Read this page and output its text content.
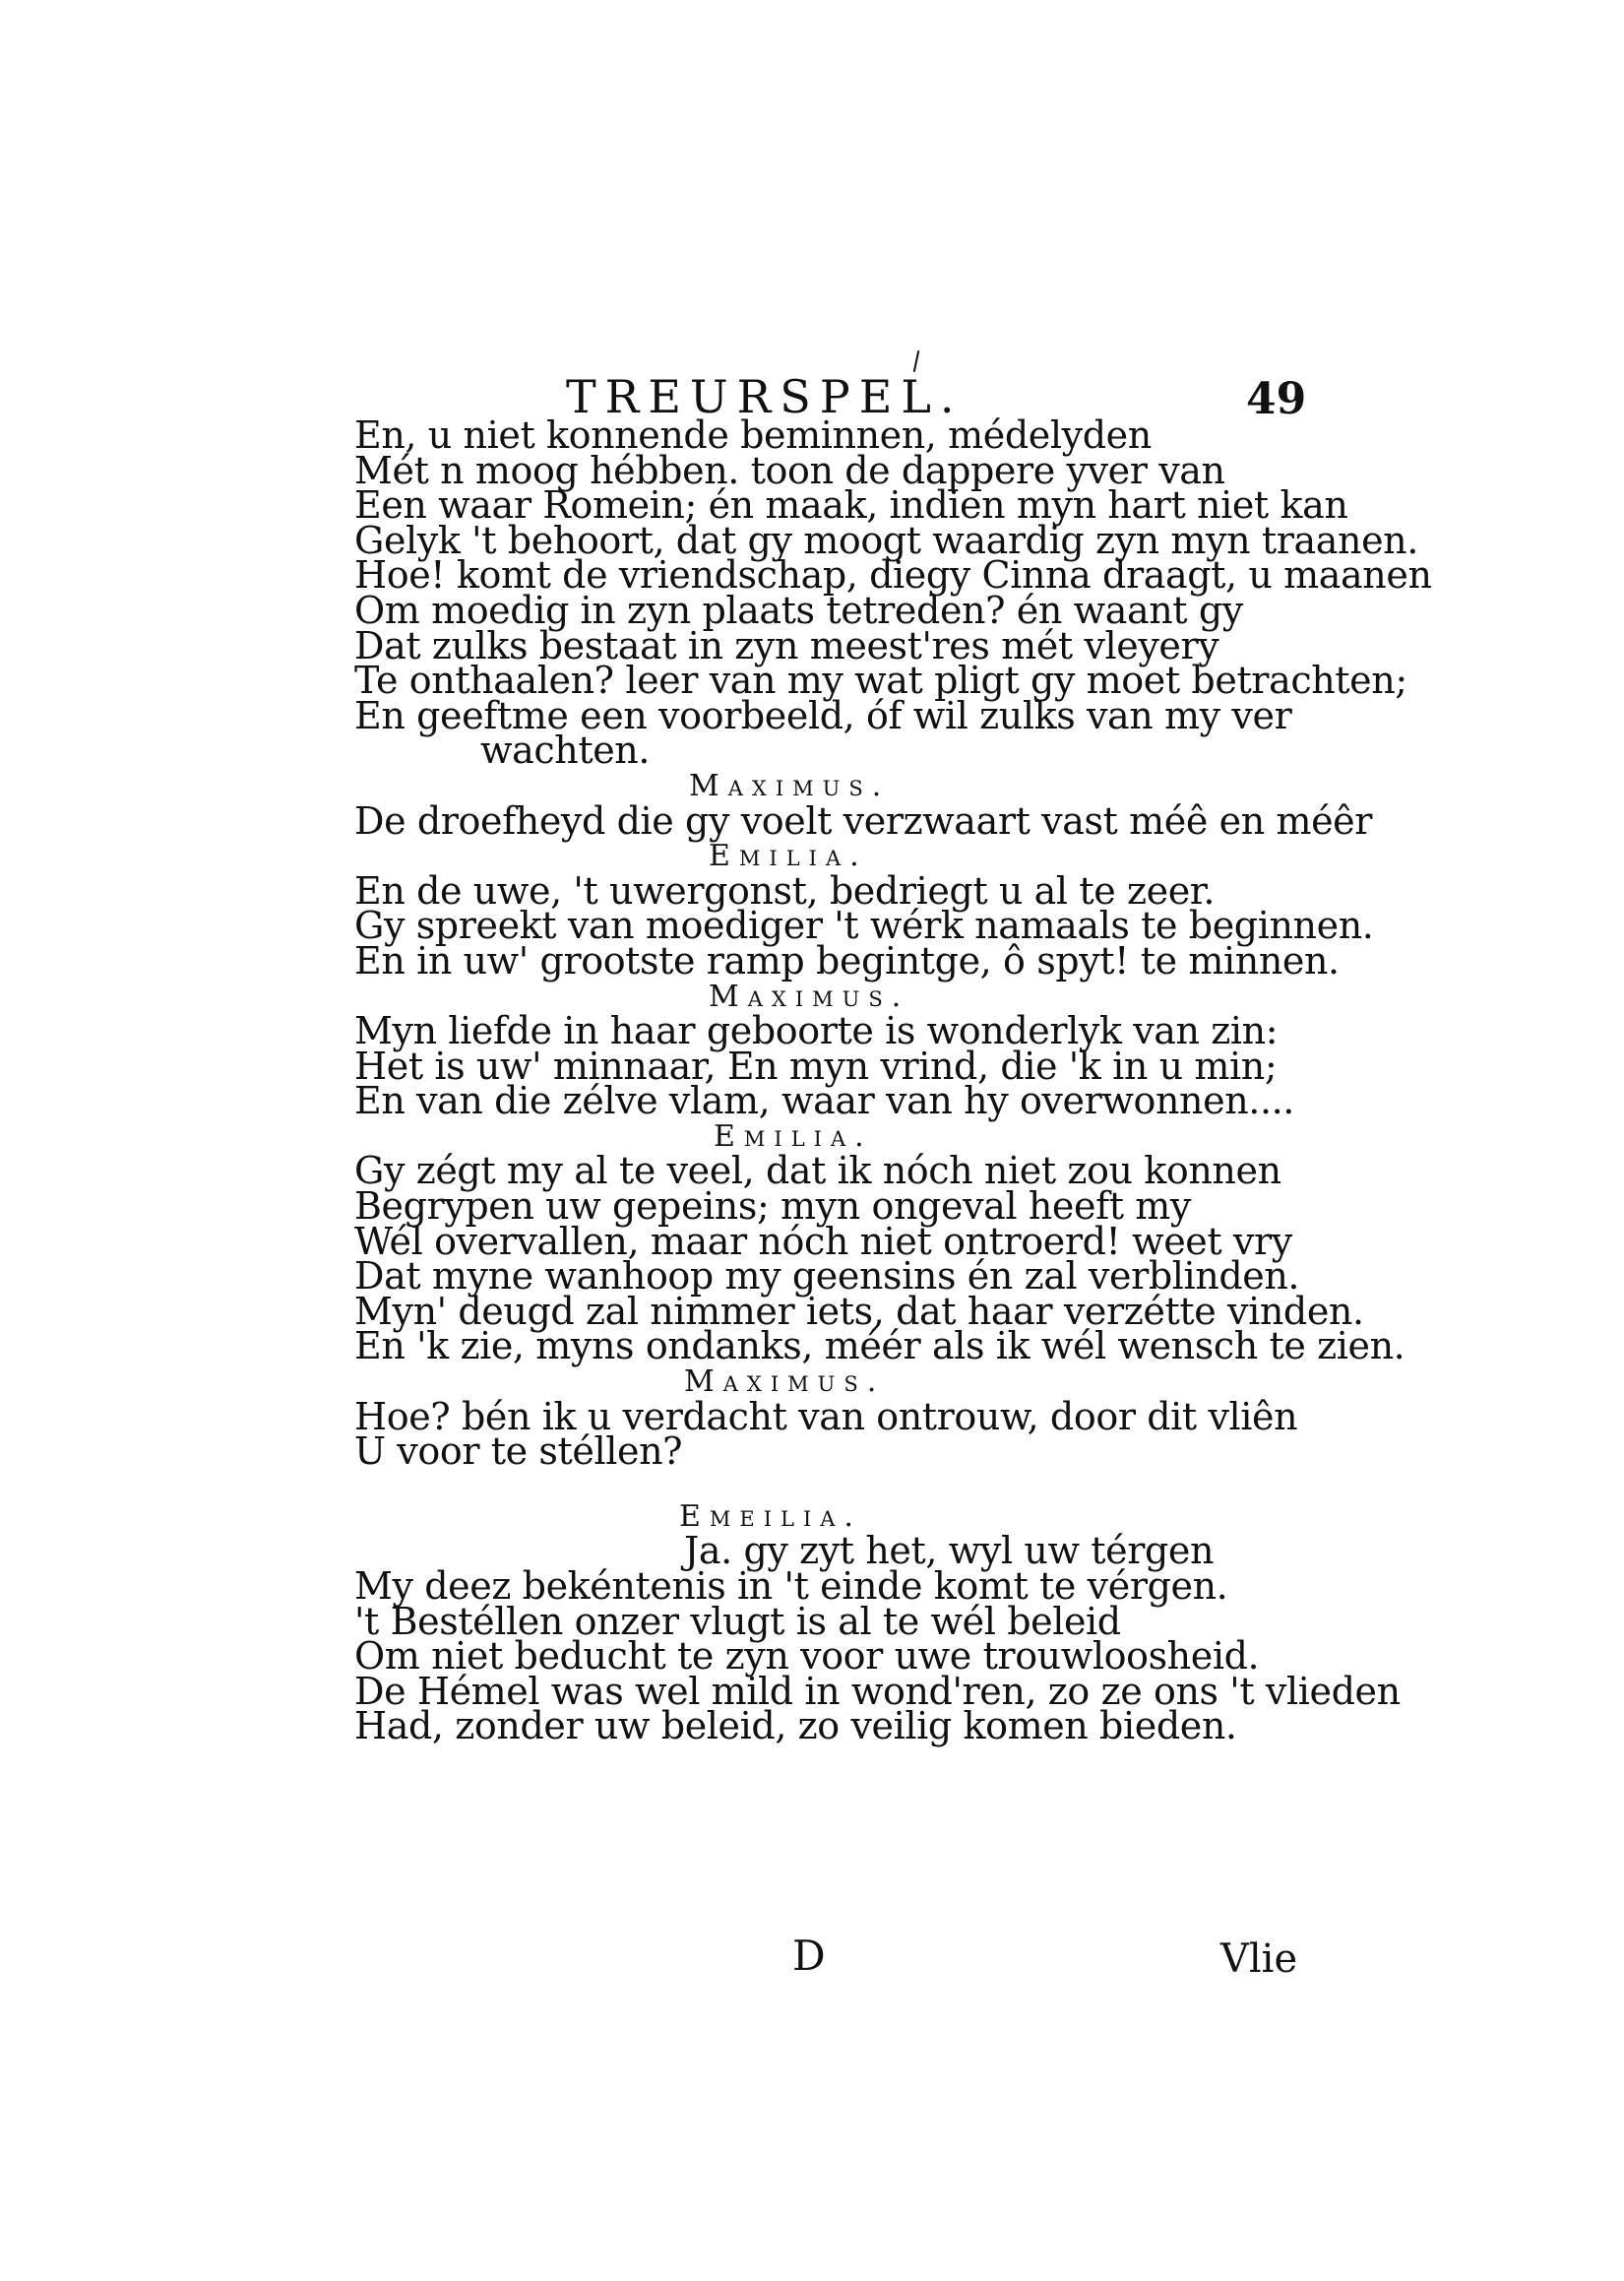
TREURSPEL.	49
En, u niet konnende beminnen, médelyden
Mét n moog hébben. toon de dappere yver van
Een waar Romein; én maak, indien myn hart niet kan
Gelyk 't behoort, dat gy moogt waardig zyn myn traanen.
Hoe! komt de vriendschap, diegy Cinna draagt, u maanen
Om moedig in zyn plaats tetreden? én waant gy
Dat zulks bestaat in zyn meest'res mét vleyery
Te onthaalen? leer van my wat pligt gy moet betrachten;
En geeftme een voorbeeld, óf wil zulks van my ver
wachten.
Maximus.
De droefheyd die gy voelt verzwaart vast méê en méêr
Emilia.
En de uwe, 't uwergonst, bedriegt u al te zeer.
Gy spreekt van moediger 't wérk namaals te beginnen.
En in uw' grootste ramp begintge, ô spyt! te minnen.
Maximus.
Myn liefde in haar geboorte is wonderlyk van zin:
Het is uw' minnaar, En myn vrind, die 'k in u min;
En van die zélve vlam, waar van hy overwonnen....
Emilia.
Gy zégt my al te veel, dat ik nóch niet zou konnen
Begrypen uw gepeins; myn ongeval heeft my
Wél overvallen, maar nóch niet ontroerd! weet vry
Dat myne wanhoop my geensins én zal verblinden.
Myn' deugd zal nimmer iets, dat haar verzétte vinden.
En 'k zie, myns ondanks, méér als ik wél wensch te zien.
Maximus.
Hoe? bén ik u verdacht van ontrouw, door dit vliên
U voor te stéllen?
Emeilia.
Ja. gy zyt het, wyl uw térgen
My deez bekéntenis in 't einde komt te vérgen.
't Bestéllen onzer vlugt is al te wél beleid
Om niet beducht te zyn voor uwe trouwloosheid.
De Hémel was wel mild in wond'ren, zo ze ons 't vlieden
Had, zonder uw beleid, zo veilig komen bieden.
D	Vlie
